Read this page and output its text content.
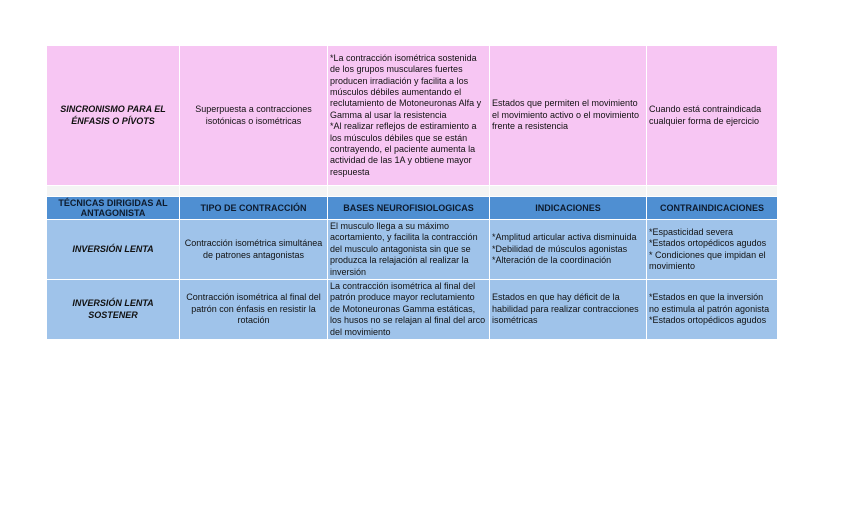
SINCRONISMO PARA EL ÉNFASIS O PÍVOTS	Superpuesta a contracciones isotónicas o isométricas	*La contracción isométrica sostenida de los grupos musculares fuertes producen irradiación y facilita a los músculos débiles aumentando el reclutamiento de Motoneuronas Alfa y Gamma al usar la resistencia
*Al realizar reflejos de estiramiento a los músculos débiles que se están contrayendo, el paciente aumenta la actividad de las 1A y obtiene mayor respuesta	Estados que permiten el movimiento el movimiento activo o el movimiento frente a resistencia	Cuando está contraindicada cualquier forma de ejercicio

TÉCNICAS DIRIGIDAS AL ANTAGONISTA	TIPO DE CONTRACCIÓN	BASES NEUROFISIOLOGICAS	INDICACIONES	CONTRAINDICACIONES
INVERSIÓN LENTA	Contracción isométrica simultánea de patrones antagonistas	El musculo llega a su máximo acortamiento, y facilita la contracción del musculo antagonista sin que se produzca la relajación al realizar la inversión	*Amplitud articular activa disminuida
*Debilidad de músculos agonistas
*Alteración de la coordinación	*Espasticidad severa
*Estados ortopédicos agudos
* Condiciones que impidan el movimiento
INVERSIÓN LENTA SOSTENER	Contracción isométrica al final del patrón con énfasis en resistir la rotación	La contracción isométrica al final del patrón produce mayor reclutamiento de Motoneuronas Gamma estáticas, los husos no se relajan al final del arco del movimiento	Estados en que hay déficit de la habilidad para realizar contracciones isométricas	*Estados en que la inversión no estimula al patrón agonista
*Estados ortopédicos agudos
